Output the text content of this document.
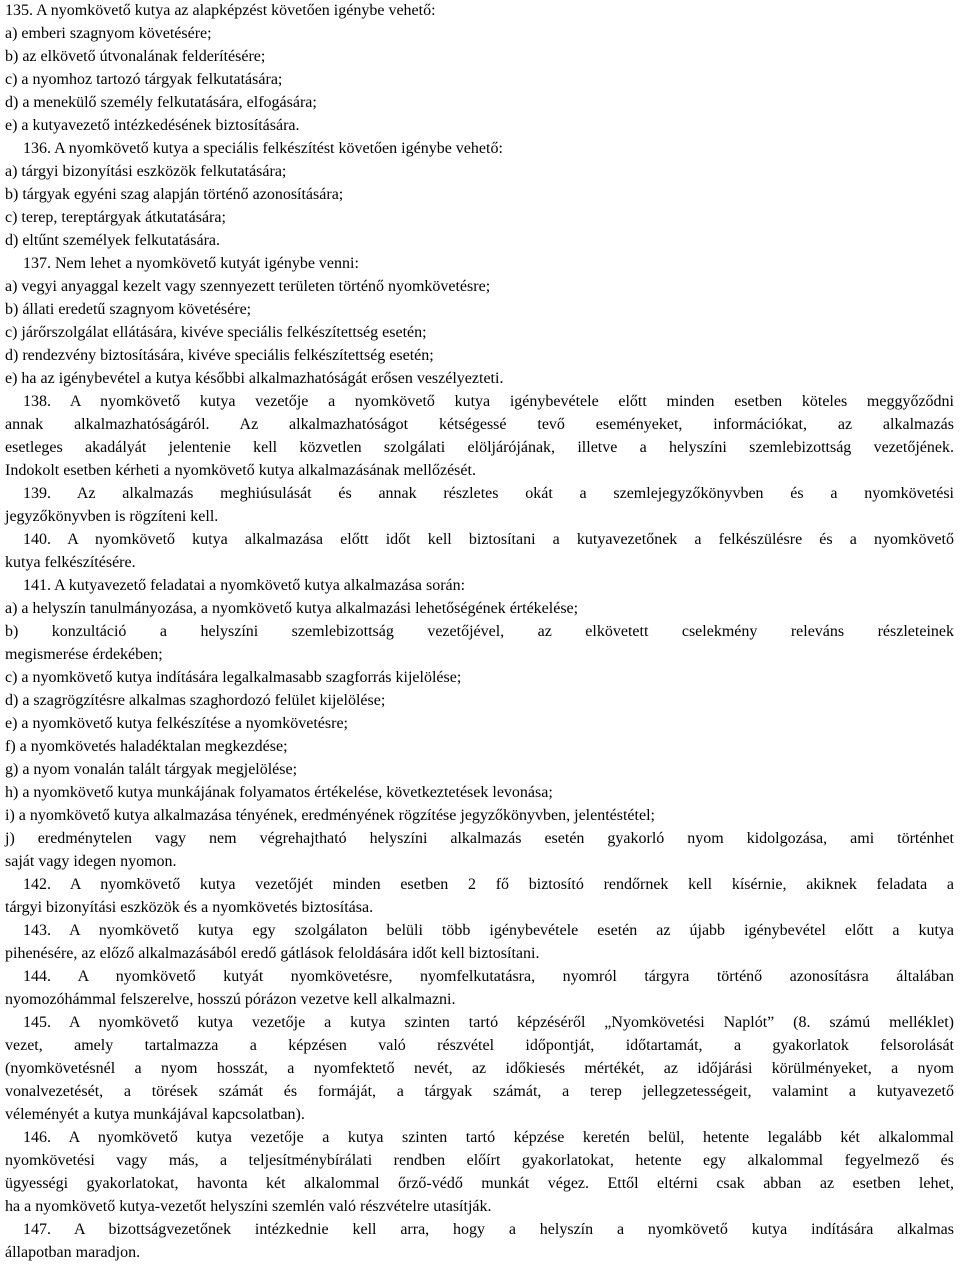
135. A nyomkövető kutya az alapképzést követően igénybe vehető:
a) emberi szagnyom követésére;
b) az elkövető útvonalának felderítésére;
c) a nyomhoz tartozó tárgyak felkutatására;
d) a menekülő személy felkutatására, elfogására;
e) a kutyavezető intézkedésének biztosítására.
136. A nyomkövető kutya a speciális felkészítést követően igénybe vehető:
a) tárgyi bizonyítási eszközök felkutatására;
b) tárgyak egyéni szag alapján történő azonosítására;
c) terep, tereptárgyak átkutatására;
d) eltűnt személyek felkutatására.
137. Nem lehet a nyomkövető kutyát igénybe venni:
a) vegyi anyaggal kezelt vagy szennyezett területen történő nyomkövetésre;
b) állati eredetű szagnyom követésére;
c) járőrszolgálat ellátására, kivéve speciális felkészítettség esetén;
d) rendezvény biztosítására, kivéve speciális felkészítettség esetén;
e) ha az igénybevétel a kutya későbbi alkalmazhatóságát erősen veszélyezteti.
138. A nyomkövető kutya vezetője a nyomkövető kutya igénybevétele előtt minden esetben köteles meggyőződni
annak alkalmazhatóságáról. Az alkalmazhatóságot kétségessé tevő eseményeket, információkat, az alkalmazás
esetleges akadályát jelentenie kell közvetlen szolgálati elöljárójának, illetve a helyszíni szemlebizottság vezetőjének.
Indokolt esetben kérheti a nyomkövető kutya alkalmazásának mellőzését.
139. Az alkalmazás meghiúsulását és annak részletes okát a szemlejegyzőkönyvben és a nyomkövetési
jegyzőkönyvben is rögzíteni kell.
140. A nyomkövető kutya alkalmazása előtt időt kell biztosítani a kutyavezetőnek a felkészülésre és a nyomkövető
kutya felkészítésére.
141. A kutyavezető feladatai a nyomkövető kutya alkalmazása során:
a) a helyszín tanulmányozása, a nyomkövető kutya alkalmazási lehetőségének értékelése;
b) konzultáció a helyszíni szemlebizottság vezetőjével, az elkövetett cselekmény releváns részleteinek
megismerése érdekében;
c) a nyomkövető kutya indítására legalkalmasabb szagforrás kijelölése;
d) a szagrögzítésre alkalmas szaghordozó felület kijelölése;
e) a nyomkövető kutya felkészítése a nyomkövetésre;
f) a nyomkövetés haladéktalan megkezdése;
g) a nyom vonalán talált tárgyak megjelölése;
h) a nyomkövető kutya munkájának folyamatos értékelése, következtetések levonása;
i) a nyomkövető kutya alkalmazása tényének, eredményének rögzítése jegyzőkönyvben, jelentéstétel;
j) eredménytelen vagy nem végrehajtható helyszíni alkalmazás esetén gyakorló nyom kidolgozása, ami történhet
saját vagy idegen nyomon.
142. A nyomkövető kutya vezetőjét minden esetben 2 fő biztosító rendőrnek kell kísérnie, akiknek feladata a
tárgyi bizonyítási eszközök és a nyomkövetés biztosítása.
143. A nyomkövető kutya egy szolgálaton belüli több igénybevétele esetén az újabb igénybevétel előtt a kutya
pihenésére, az előző alkalmazásából eredő gátlások feloldására időt kell biztosítani.
144. A nyomkövető kutyát nyomkövetésre, nyomfelkutatásra, nyomról tárgyra történő azonosításra általában
nyomozóhámmal felszerelve, hosszú pórázon vezetve kell alkalmazni.
145. A nyomkövető kutya vezetője a kutya szinten tartó képzéséről „Nyomkövetési Naplót” (8. számú melléklet)
vezet, amely tartalmazza a képzésen való részvétel időpontját, időtartamát, a gyakorlatok felsorolását
(nyomkövetésnél a nyom hosszát, a nyomfektető nevét, az időkiesés mértékét, az időjárási körülményeket, a nyom
vonalvezetését, a törések számát és formáját, a tárgyak számát, a terep jellegzetességeit, valamint a kutyavezető
véleményét a kutya munkájával kapcsolatban).
146. A nyomkövető kutya vezetője a kutya szinten tartó képzése keretén belül, hetente legalább két alkalommal
nyomkövetési vagy más, a teljesítménybírálati rendben előírt gyakorlatokat, hetente egy alkalommal fegyelmező és
ügyességi gyakorlatokat, havonta két alkalommal őrző-védő munkát végez. Ettől eltérni csak abban az esetben lehet,
ha a nyomkövető kutya-vezetőt helyszíni szemlén való részvételre utasítják.
147. A bizottságvezetőnek intézkednie kell arra, hogy a helyszín a nyomkövető kutya indítására alkalmas
állapotban maradjon.
